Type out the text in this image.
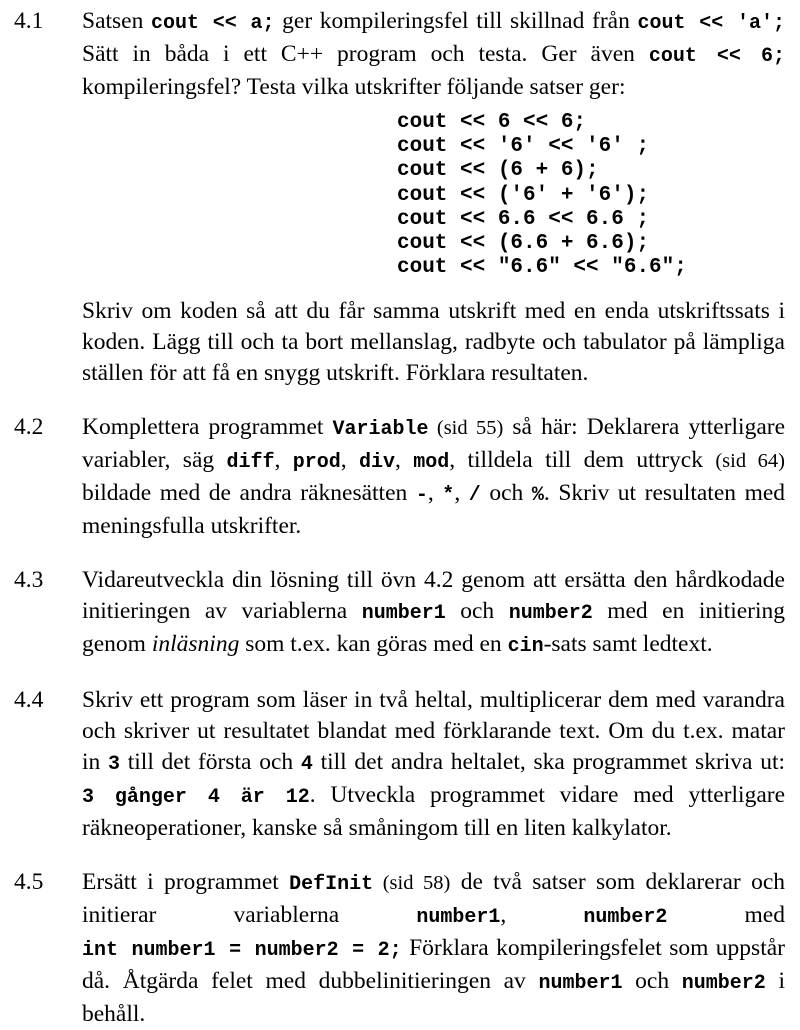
4.1	Satsen cout << a; ger kompileringsfel till skillnad från cout << 'a'; Sätt in båda i ett C++ program och testa. Ger även cout << 6; kompileringsfel? Testa vilka utskrifter följande satser ger:

cout << 6 << 6;
cout << '6' << '6' ;
cout << (6 + 6);
cout << ('6' + '6');
cout << 6.6 << 6.6 ;
cout << (6.6 + 6.6);
cout << "6.6" << "6.6";

Skriv om koden så att du får samma utskrift med en enda utskriftssats i koden. Lägg till och ta bort mellanslag, radbyte och tabulator på lämpliga ställen för att få en snygg utskrift. Förklara resultaten.

4.2	Komplettera programmet Variable (sid 55) så här: Deklarera ytterligare variabler, säg diff, prod, div, mod, tilldela till dem uttryck (sid 64) bildade med de andra räknesätten -, *, / och %. Skriv ut resultaten med meningsfulla utskrifter.

4.3	Vidareutveckla din lösning till övn 4.2 genom att ersätta den hårdkodade initieringen av variablerna number1 och number2 med en initiering genom inläsning som t.ex. kan göras med en cin-sats samt ledtext.

4.4	Skriv ett program som läser in två heltal, multiplicerar dem med varandra och skriver ut resultatet blandat med förklarande text. Om du t.ex. matar in 3 till det första och 4 till det andra heltalet, ska programmet skriva ut: 3 gånger 4 är 12. Utveckla programmet vidare med ytterligare räkneoperationer, kanske så småningom till en liten kalkylator.

4.5	Ersätt i programmet DefInit (sid 58) de två satser som deklarerar och initierar variablerna number1, number2 med int number1 = number2 = 2; Förklara kompileringsfelet som uppstår då. Åtgärda felet med dubbelinitieringen av number1 och number2 i behåll.
